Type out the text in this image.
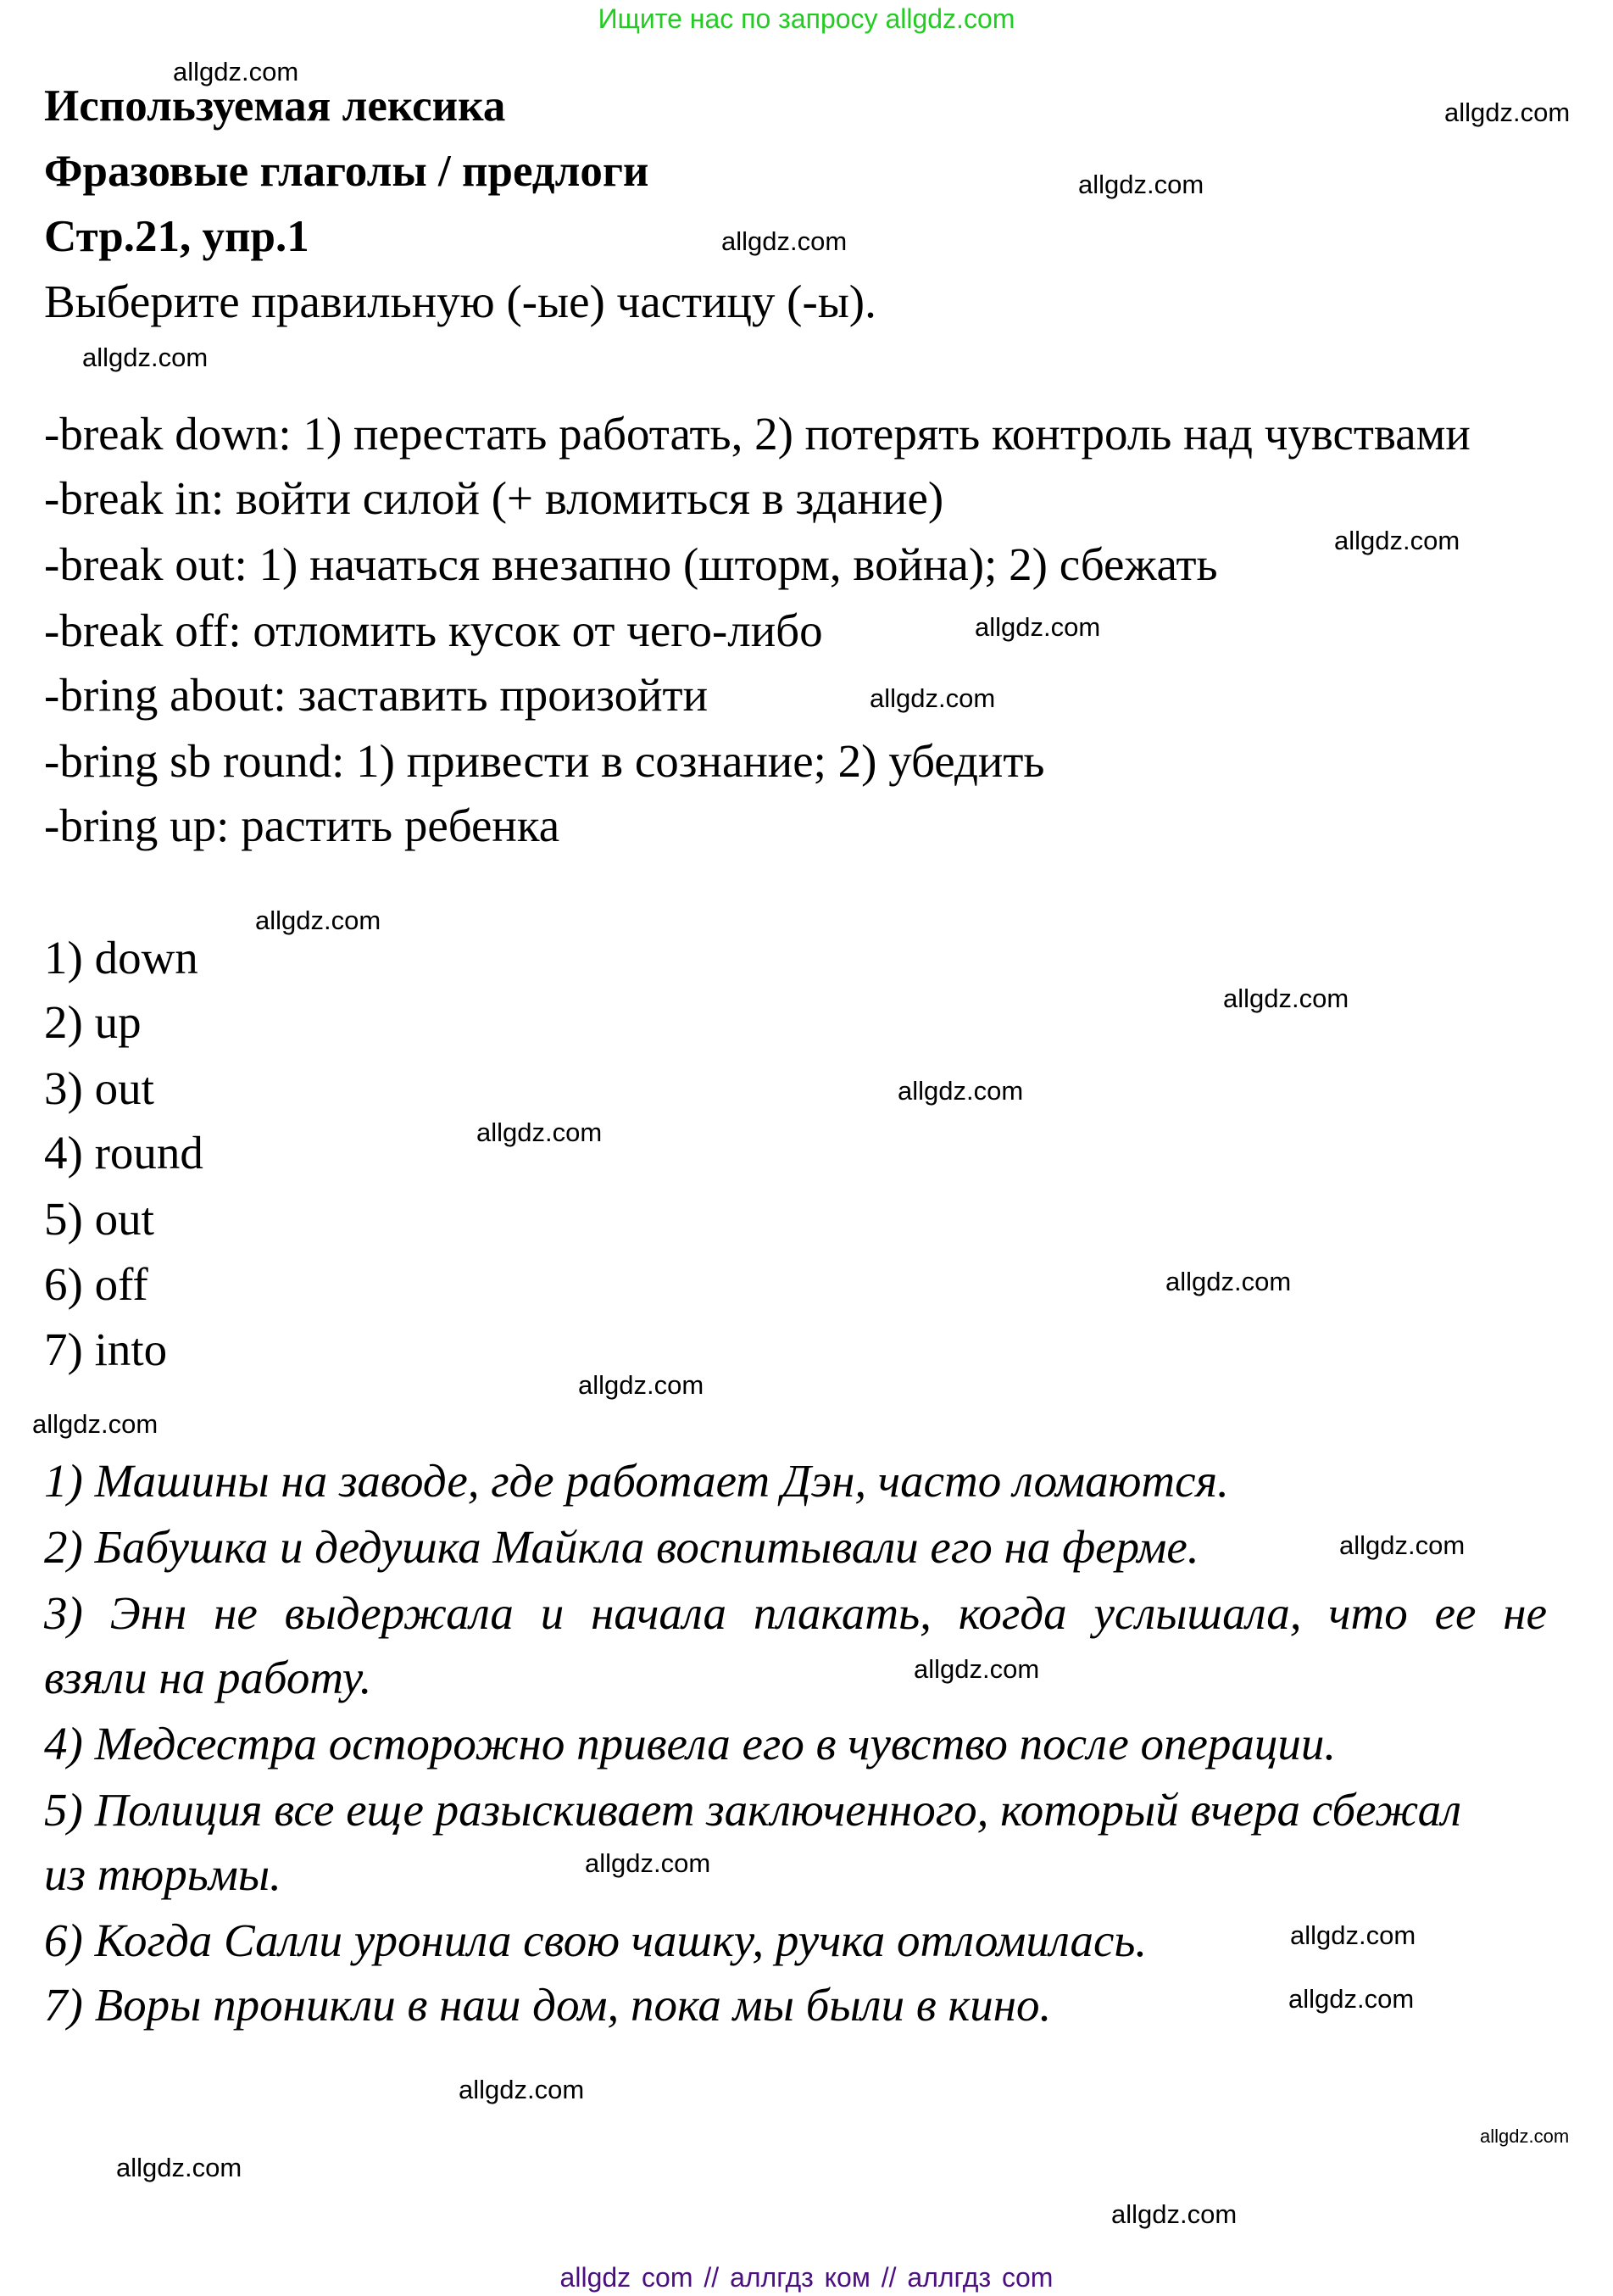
Ищите нас по запросу allgdz.com
Используемая лексика
Фразовые глаголы / предлоги
Стр.21, упр.1
Выберите правильную (-ые) частицу (-ы).
-break down: 1) перестать работать, 2) потерять контроль над чувствами
-break in: войти силой (+ вломиться в здание)
-break out: 1) начаться внезапно (шторм, война); 2) сбежать
-break off: отломить кусок от чего-либо
-bring about: заставить произойти
-bring sb round: 1) привести в сознание; 2) убедить
-bring up: растить ребенка
1) down
2) up
3) out
4) round
5) out
6) off
7) into
1) Машины на заводе, где работает Дэн, часто ломаются.
2) Бабушка и дедушка Майкла воспитывали его на ферме.
3) Энн не выдержала и начала плакать, когда услышала, что ее не
взяли на работу.
4) Медсестра осторожно привела его в чувство после операции.
5) Полиция все еще разыскивает заключенного, который вчера сбежал
из тюрьмы.
6) Когда Салли уронила свою чашку, ручка отломилась.
7) Воры проникли в наш дом, пока мы были в кино.
allgdz.com
allgdz.com
allgdz.com
allgdz.com
allgdz.com
allgdz.com
allgdz.com
allgdz.com
allgdz.com
allgdz.com
allgdz.com
allgdz.com
allgdz.com
allgdz.com
allgdz.com
allgdz.com
allgdz.com
allgdz.com
allgdz.com
allgdz.com
allgdz.com
allgdz.com
allgdz.com
allgdz.com
allgdz com // аллгдз ком // аллгдз com
